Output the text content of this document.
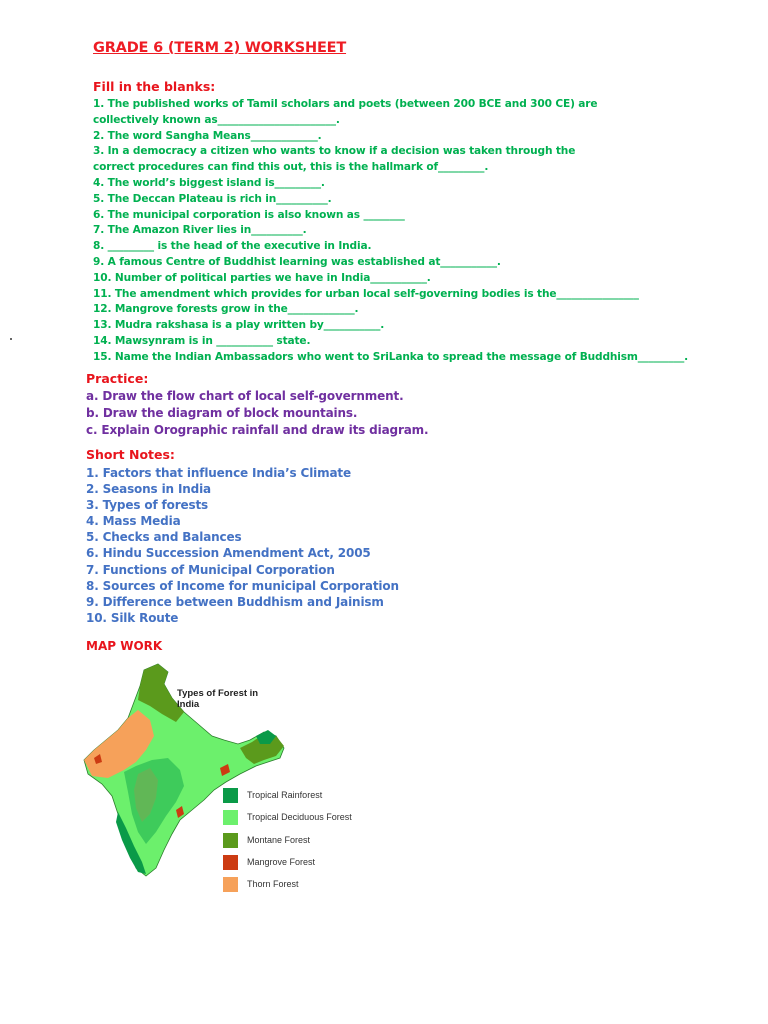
GRADE 6 (TERM 2) WORKSHEET
Fill in the blanks:
1. The published works of Tamil scholars and poets (between 200 BCE and 300 CE) are collectively known as_______________________.
2. The word Sangha Means_____________.
3. In a democracy a citizen who wants to know if a decision was taken through the correct procedures can find this out, this is the hallmark of_________.
4. The world’s biggest island is_________.
5. The Deccan Plateau is rich in__________.
6. The municipal corporation is also known as ________
7. The Amazon River lies in__________.
8. _________ is the head of the executive in India.
9. A famous Centre of Buddhist learning was established at___________.
10. Number of political parties we have in India___________.
11. The amendment which provides for urban local self-governing bodies is the________________
12. Mangrove forests grow in the_____________.
13. Mudra rakshasa is a play written by___________.
14. Mawsynram is in ___________ state.
15. Name the Indian Ambassadors who went to SriLanka to spread the message of Buddhism_________.
Practice:
a. Draw the flow chart of local self-government.
b. Draw the diagram of block mountains.
c. Explain Orographic rainfall and draw its diagram.
Short Notes:
1. Factors that influence India’s Climate
2. Seasons in India
3. Types of forests
4. Mass Media
5. Checks and Balances
6. Hindu Succession Amendment Act, 2005
7. Functions of Municipal Corporation
8. Sources of Income for municipal Corporation
9. Difference between Buddhism and Jainism
10. Silk Route
MAP WORK
Types of Forest in India
Tropical Rainforest
Tropical Deciduous Forest
Montane Forest
Mangrove Forest
Thorn Forest
